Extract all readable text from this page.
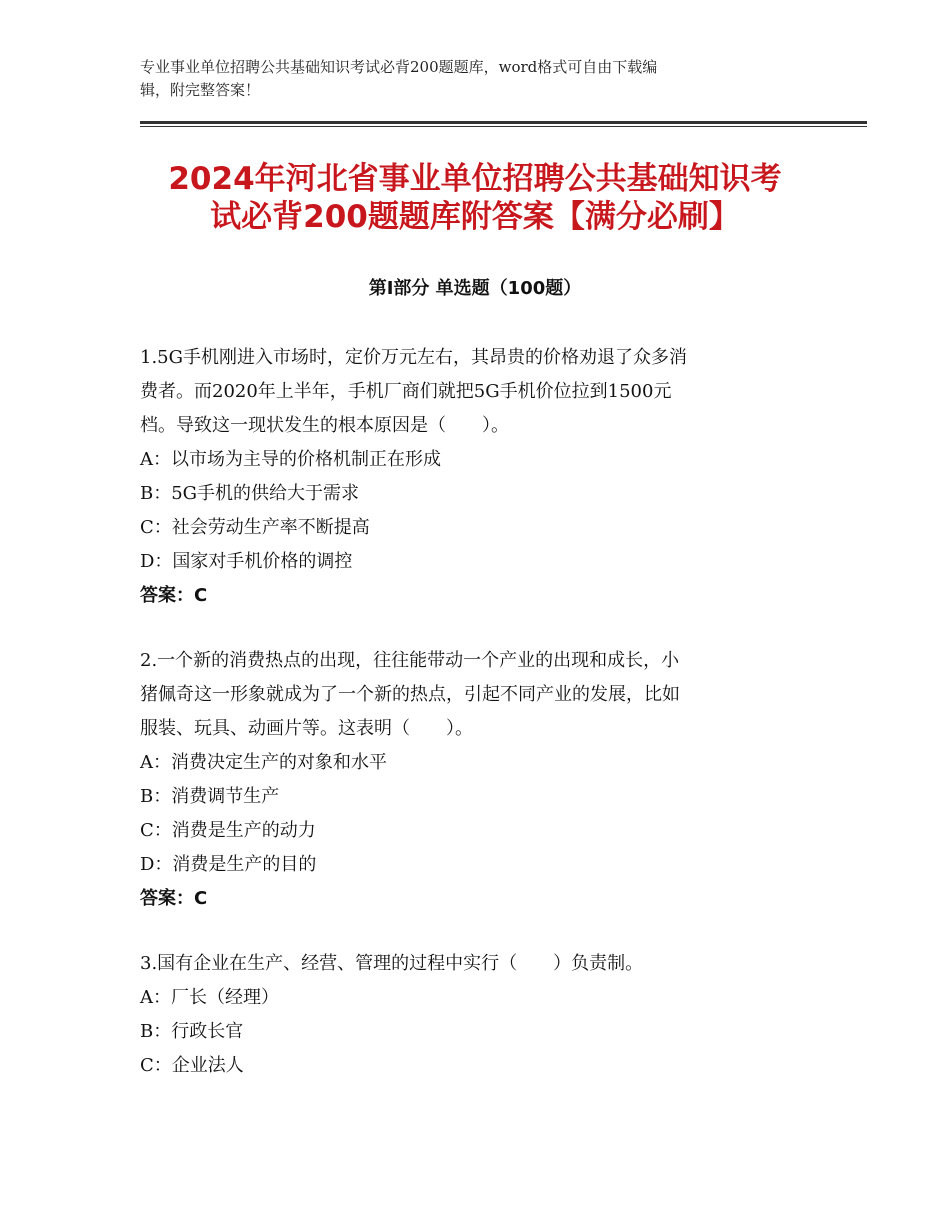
专业事业单位招聘公共基础知识考试必背200题题库，word格式可自由下载编
辑，附完整答案！
2024年河北省事业单位招聘公共基础知识考
试必背200题题库附答案【满分必刷】
第Ⅰ部分 单选题（100题）
1.5G手机刚进入市场时，定价万元左右，其昂贵的价格劝退了众多消
费者。而2020年上半年，手机厂商们就把5G手机价位拉到1500元
档。导致这一现状发生的根本原因是（　　）。
A：以市场为主导的价格机制正在形成
B：5G手机的供给大于需求
C：社会劳动生产率不断提高
D：国家对手机价格的调控
答案：C
2.一个新的消费热点的出现，往往能带动一个产业的出现和成长，小
猪佩奇这一形象就成为了一个新的热点，引起不同产业的发展，比如
服装、玩具、动画片等。这表明（　　）。
A：消费决定生产的对象和水平
B：消费调节生产
C：消费是生产的动力
D：消费是生产的目的
答案：C
3.国有企业在生产、经营、管理的过程中实行（　　）负责制。
A：厂长（经理）
B：行政长官
C：企业法人
